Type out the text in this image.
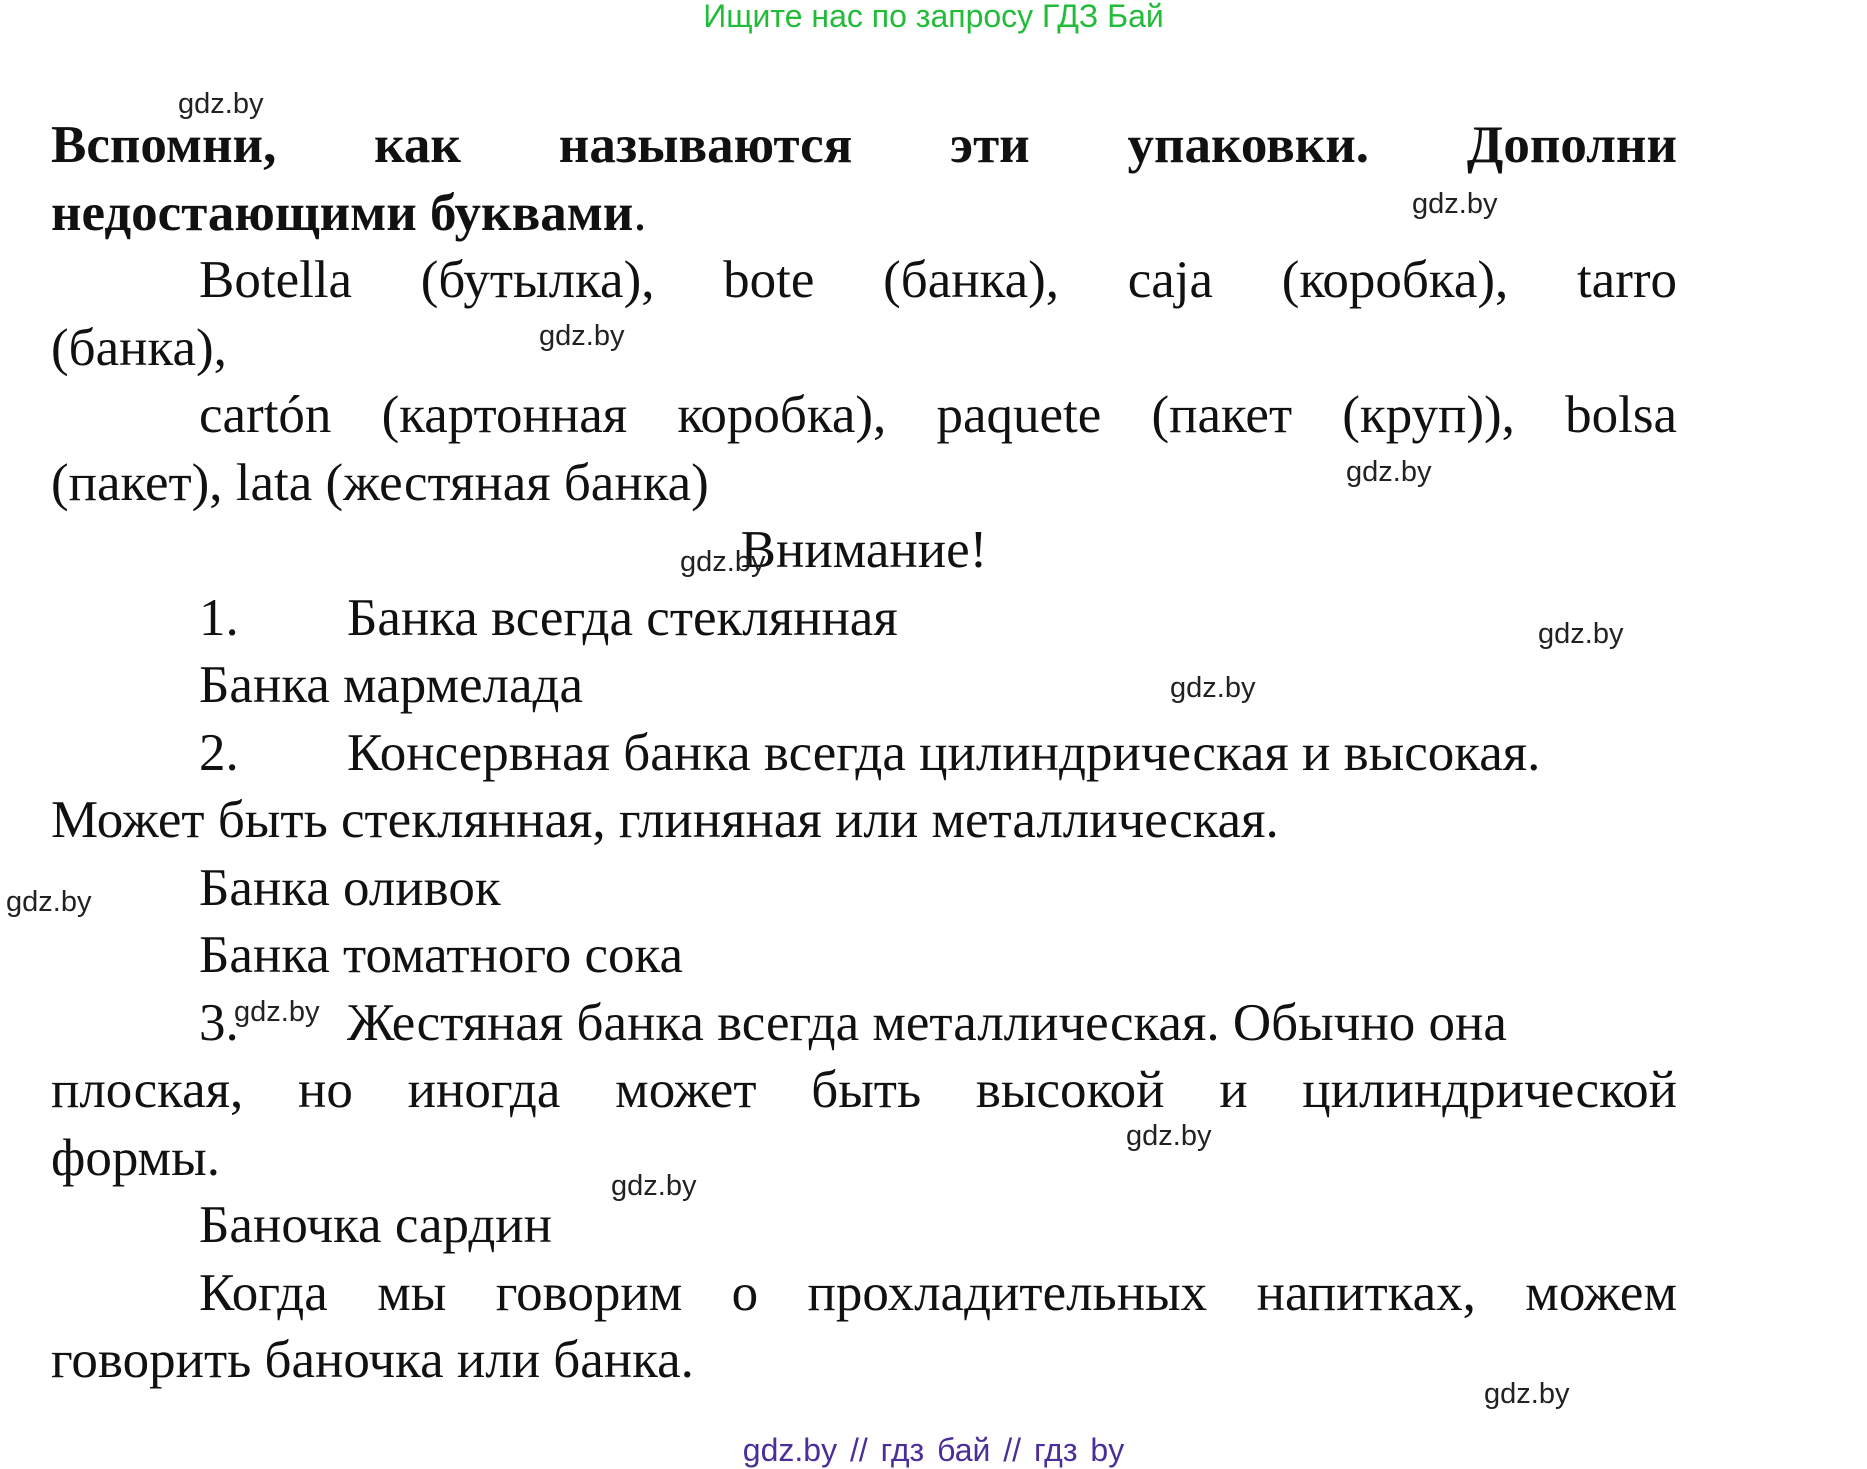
Ищите нас по запросу ГДЗ Бай
Вспомни, как называются эти упаковки. Дополни
недостающими буквами.
Botella (бутылка), bote (банка), caja (коробка), tarro
(банка),
cartón (картонная коробка), paquete (пакет (круп)), bolsa
(пакет), lata (жестяная банка)
Внимание!
1. Банка всегда стеклянная
Банка мармелада
2. Консервная банка всегда цилиндрическая и высокая.
Может быть стеклянная, глиняная или металлическая.
Банка оливок
Банка томатного сока
3. Жестяная банка всегда металлическая. Обычно она
плоская, но иногда может быть высокой и цилиндрической
формы.
Баночка сардин
Когда мы говорим о прохладительных напитках, можем
говорить баночка или банка.
gdz.by
gdz.by
gdz.by
gdz.by
gdz.by
gdz.by
gdz.by
gdz.by
gdz.by
gdz.by
gdz.by
gdz.by
gdz.by // гдз бай // гдз by
